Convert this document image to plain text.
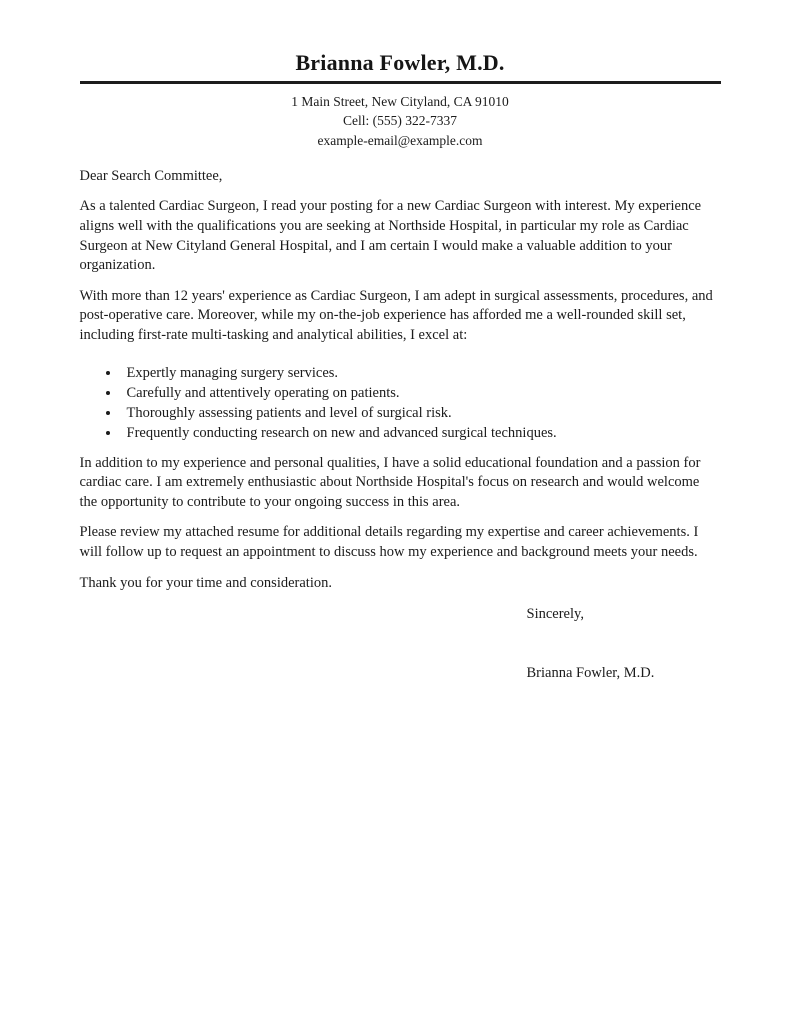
Brianna Fowler, M.D.
1 Main Street, New Cityland, CA 91010
Cell: (555) 322-7337
example-email@example.com
Dear Search Committee,

As a talented Cardiac Surgeon, I read your posting for a new Cardiac Surgeon with interest. My experience aligns well with the qualifications you are seeking at Northside Hospital, in particular my role as Cardiac Surgeon at New Cityland General Hospital, and I am certain I would make a valuable addition to your organization.

With more than 12 years' experience as Cardiac Surgeon, I am adept in surgical assessments, procedures, and post-operative care. Moreover, while my on-the-job experience has afforded me a well-rounded skill set, including first-rate multi-tasking and analytical abilities, I excel at:

• Expertly managing surgery services.
• Carefully and attentively operating on patients.
• Thoroughly assessing patients and level of surgical risk.
• Frequently conducting research on new and advanced surgical techniques.

In addition to my experience and personal qualities, I have a solid educational foundation and a passion for cardiac care. I am extremely enthusiastic about Northside Hospital's focus on research and would welcome the opportunity to contribute to your ongoing success in this area.

Please review my attached resume for additional details regarding my expertise and career achievements. I will follow up to request an appointment to discuss how my experience and background meets your needs.

Thank you for your time and consideration.

Sincerely,
Brianna Fowler, M.D.
